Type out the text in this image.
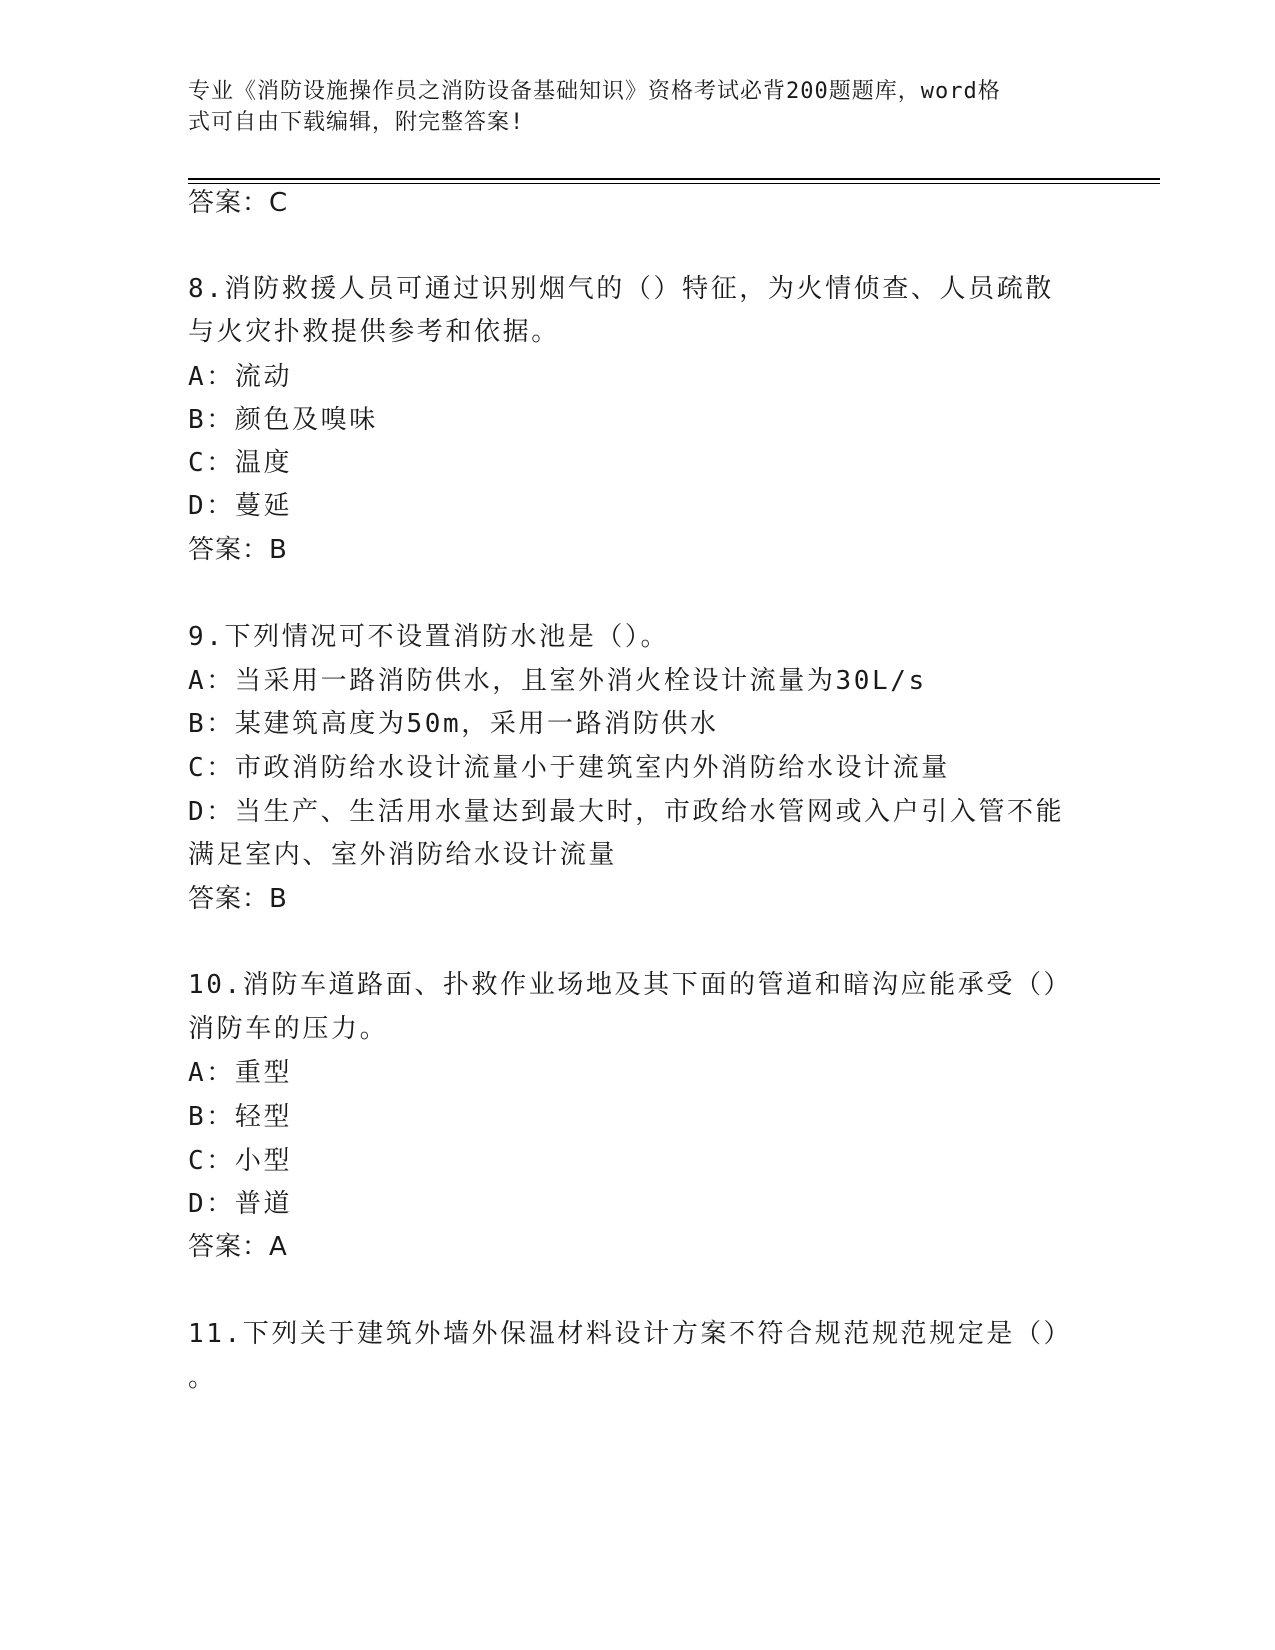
专业《消防设施操作员之消防设备基础知识》资格考试必背200题题库，word格
式可自由下载编辑，附完整答案!
答案：C
8.消防救援人员可通过识别烟气的（）特征，为火情侦查、人员疏散
与火灾扑救提供参考和依据。
A：流动
B：颜色及嗅味
C：温度
D：蔓延
答案：B
9.下列情况可不设置消防水池是（）。
A：当采用一路消防供水，且室外消火栓设计流量为30L/s
B：某建筑高度为50m，采用一路消防供水
C：市政消防给水设计流量小于建筑室内外消防给水设计流量
D：当生产、生活用水量达到最大时，市政给水管网或入户引入管不能
满足室内、室外消防给水设计流量
答案：B
10.消防车道路面、扑救作业场地及其下面的管道和暗沟应能承受（）
消防车的压力。
A：重型
B：轻型
C：小型
D：普道
答案：A
11.下列关于建筑外墙外保温材料设计方案不符合规范规范规定是（）
。
